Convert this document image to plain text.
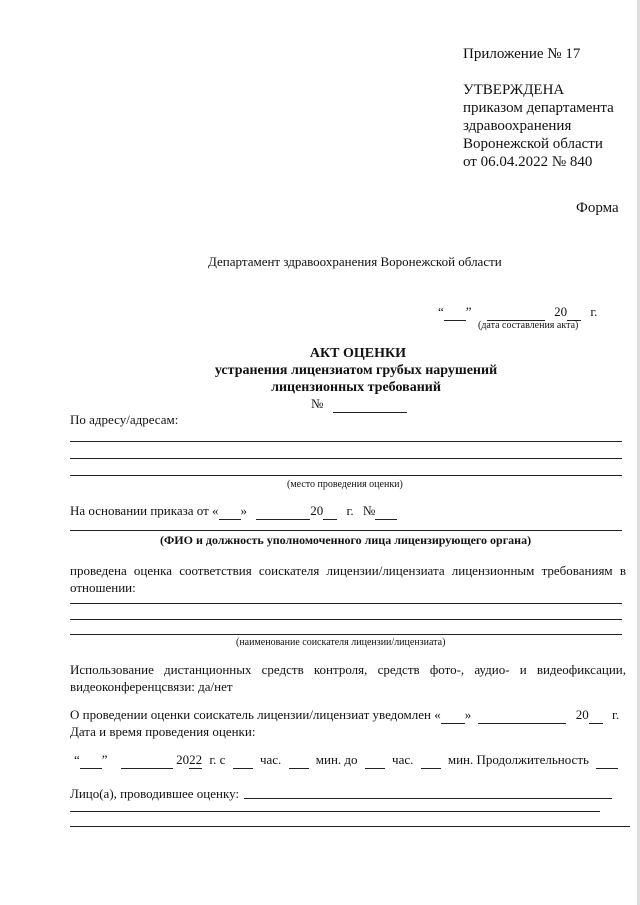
Приложение № 17
УТВЕРЖДЕНА
приказом департамента
здравоохранения
Воронежской области
от 06.04.2022 № 840
Форма
Департамент здравоохранения Воронежской области
“ ”	20 г.
(дата составления акта)
АКТ ОЦЕНКИ
устранения лицензиатом грубых нарушений
лицензионных требований
№
По адресу/адресам:
(место проведения оценки)
На основании приказа от « »	20 г. №
(ФИО и должность уполномоченного лица лицензирующего органа)
проведена оценка соответствия соискателя лицензии/лицензиата лицензионным требованиям в
отношении:
(наименование соискателя лицензии/лицензиата)
Использование дистанционных средств контроля, средств фото-, аудио- и видеофиксации,
видеоконференцсвязи: да/нет
О проведении оценки соискатель лицензии/лицензиат уведомлен « »	20 г.
Дата и время проведения оценки:
“ ”	2022 г. с	час.	мин. до	час.	мин. Продолжительность
Лицо(а), проводившее оценку:
